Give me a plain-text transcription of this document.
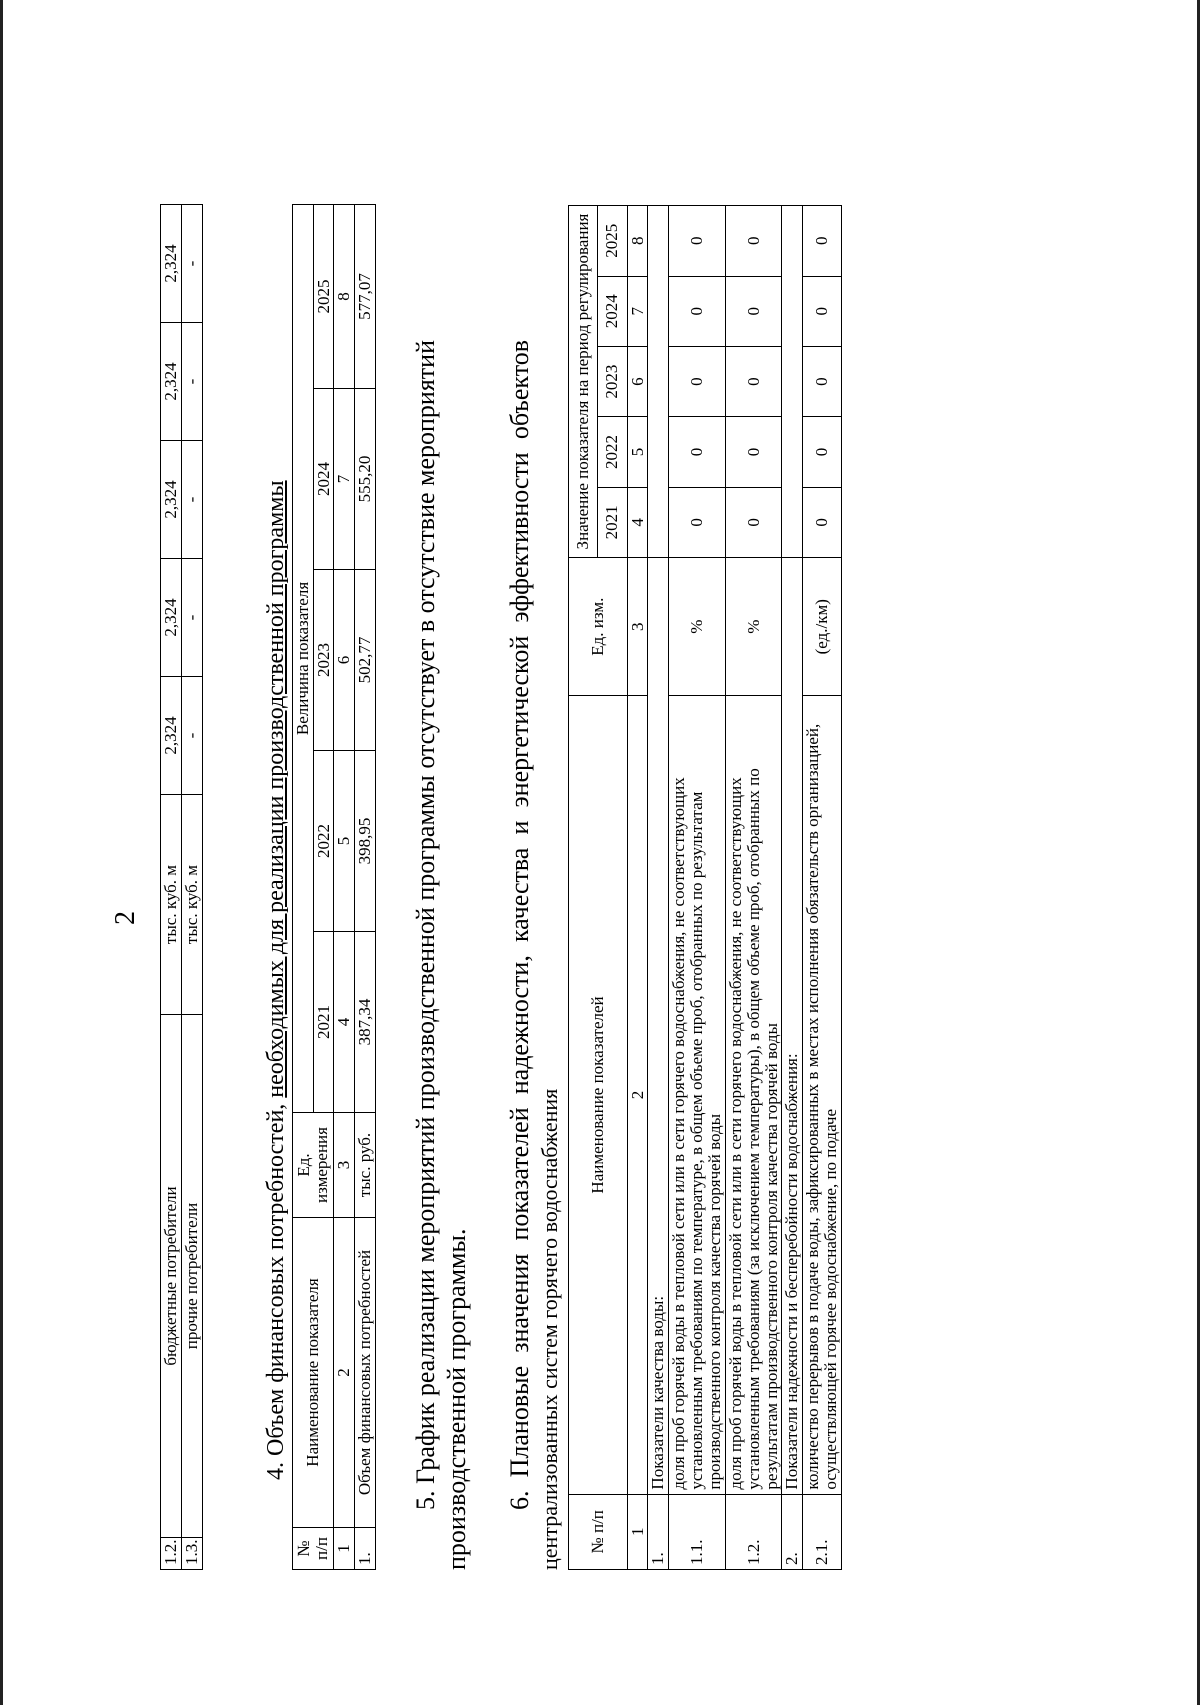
2
1.2.	бюджетные потребители	тыс. куб. м	2,324	2,324	2,324	2,324	2,324
1.3.	прочие потребители	тыс. куб. м	-	-	-	-	-
4. Объем финансовых потребностей, необходимых для реализации производственной программы
№ п/п	Наименование показателя	Ед. измерения	Величина показателя				
			2021	2022	2023	2024	2025
1	2	3	4	5	6	7	8
1.	Объем финансовых потребностей	тыс. руб.	387,34	398,95	502,77	555,20	577,07

5. График реализации мероприятий производственной программы отсутствует в отсутствие мероприятий производственной программы. 6. Плановые значения показателей надежности, качества и энергетической эффективности объектов централизованных систем горячего водоснабжения № п/п	Наименование показателей	Ед. изм.	Значение показателя на период регулирования				
			2021	2022	2023	2024	2025
1	2	3	4	5	6	7	8
1.	Показатели качества воды:						
1.1.	доля проб горячей воды в тепловой сети или в сети горячего водоснабжения, не соответствующих установленным требованиям по температуре, в общем объеме проб, отобранных по результатам производственного контроля качества горячей воды	%	0	0	0	0	0
1.2.	доля проб горячей воды в тепловой сети или в сети горячего водоснабжения, не соответствующих установленным требованиям (за исключением температуры), в общем объеме проб, отобранных по результатам производственного контроля качества горячей воды	%	0	0	0	0	0
2.	Показатели надежности и бесперебойности водоснабжения:						
2.1.	количество перерывов в подаче воды, зафиксированных в местах исполнения обязательств организацией, осуществляющей горячее водоснабжение, по подаче	(ед./км)	0	0	0	0	0
